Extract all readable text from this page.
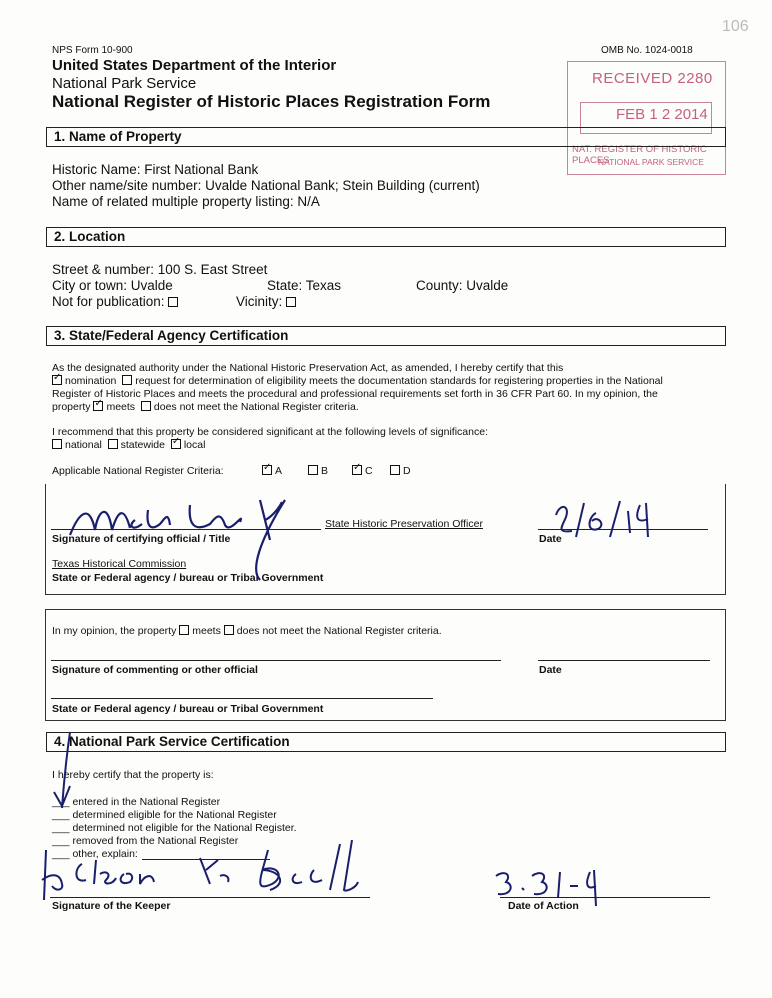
NPS Form 10-900	OMB No. 1024-0018
United States Department of the Interior
National Park Service
National Register of Historic Places Registration Form
106
RECEIVED 2280
FEB 1 2 2014
NAT. REGISTER OF HISTORIC PLACES
NATIONAL PARK SERVICE
1. Name of Property
Historic Name: First National Bank
Other name/site number: Uvalde National Bank; Stein Building (current)
Name of related multiple property listing: N/A
2. Location
Street & number: 100 S. East Street
City or town: Uvalde	State: Texas	County: Uvalde
Not for publication:	Vicinity:
3. State/Federal Agency Certification
As the designated authority under the National Historic Preservation Act, as amended, I hereby certify that this
✓nomination request for determination of eligibility meets the documentation standards for registering properties in the National
Register of Historic Places and meets the procedural and professional requirements set forth in 36 CFR Part 60. In my opinion, the
property ✓ meets does not meet the National Register criteria.
I recommend that this property be considered significant at the following levels of significance:
national statewide ✓ local
Applicable National Register Criteria: ✓	A	B ✓	C	D
State Historic Preservation Officer
Signature of certifying official / Title	Date
Texas Historical Commission
State or Federal agency / bureau or Tribal Government
In my opinion, the property meets does not meet the National Register criteria.
Signature of commenting or other official	Date
State or Federal agency / bureau or Tribal Government
4. National Park Service Certification
I hereby certify that the property is:
___ entered in the National Register
___ determined eligible for the National Register
___ determined not eligible for the National Register.
___ removed from the National Register
___ other, explain:
Signature of the Keeper	Date of Action
